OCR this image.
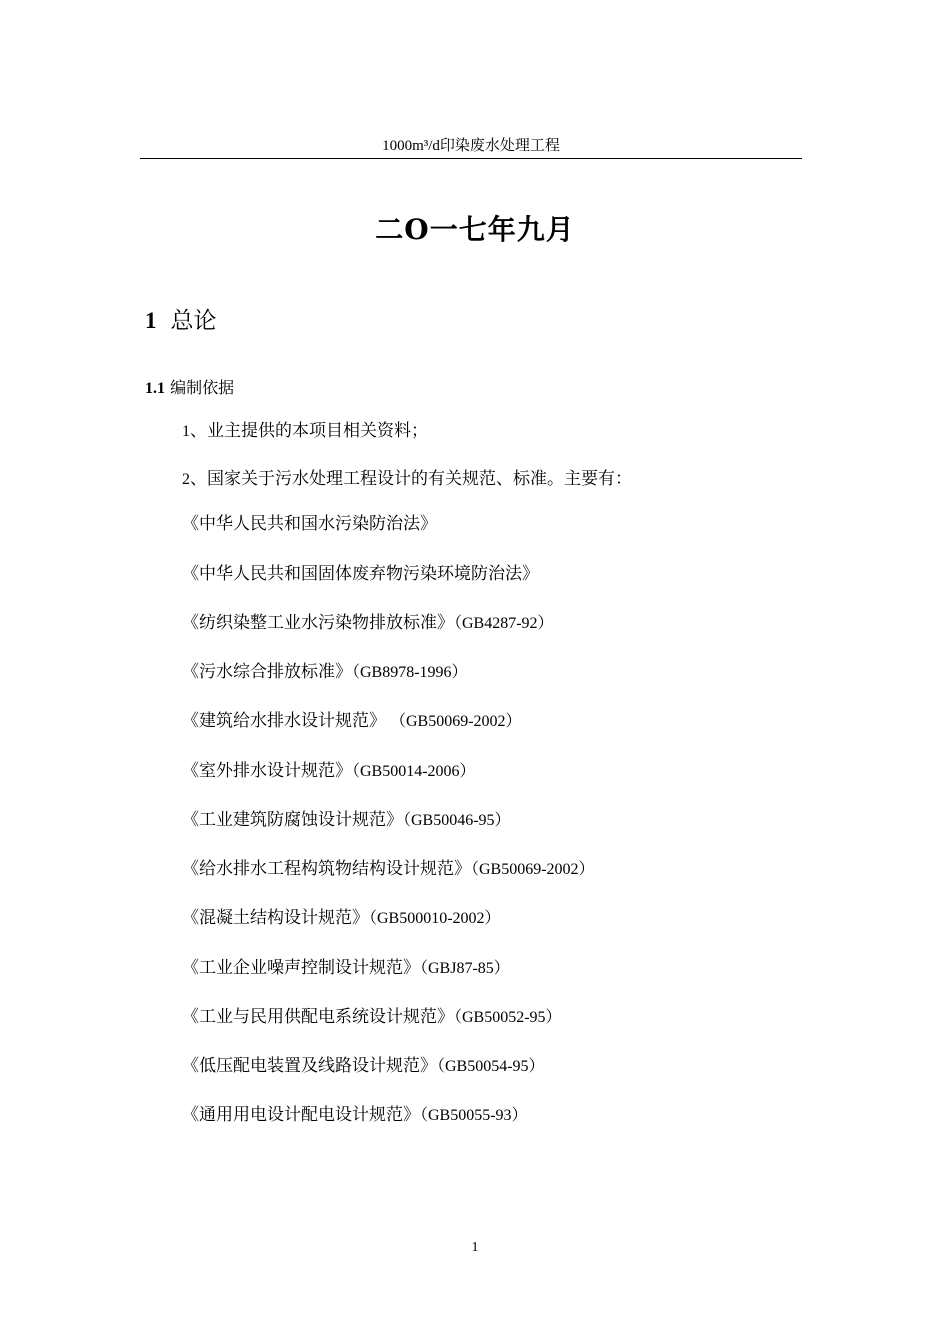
1000m³/d印染废水处理工程
二O一七年九月
1 总论
1.1 编制依据
1、业主提供的本项目相关资料；
2、国家关于污水处理工程设计的有关规范、标准。主要有：
《中华人民共和国水污染防治法》
《中华人民共和国固体废弃物污染环境防治法》
《纺织染整工业水污染物排放标准》（GB4287-92）
《污水综合排放标准》（GB8978-1996）
《建筑给水排水设计规范》 （GB50069-2002）
《室外排水设计规范》（GB50014-2006）
《工业建筑防腐蚀设计规范》（GB50046-95）
《给水排水工程构筑物结构设计规范》（GB50069-2002）
《混凝土结构设计规范》（GB500010-2002）
《工业企业噪声控制设计规范》（GBJ87-85）
《工业与民用供配电系统设计规范》（GB50052-95）
《低压配电装置及线路设计规范》（GB50054-95）
《通用用电设计配电设计规范》（GB50055-93）
1
